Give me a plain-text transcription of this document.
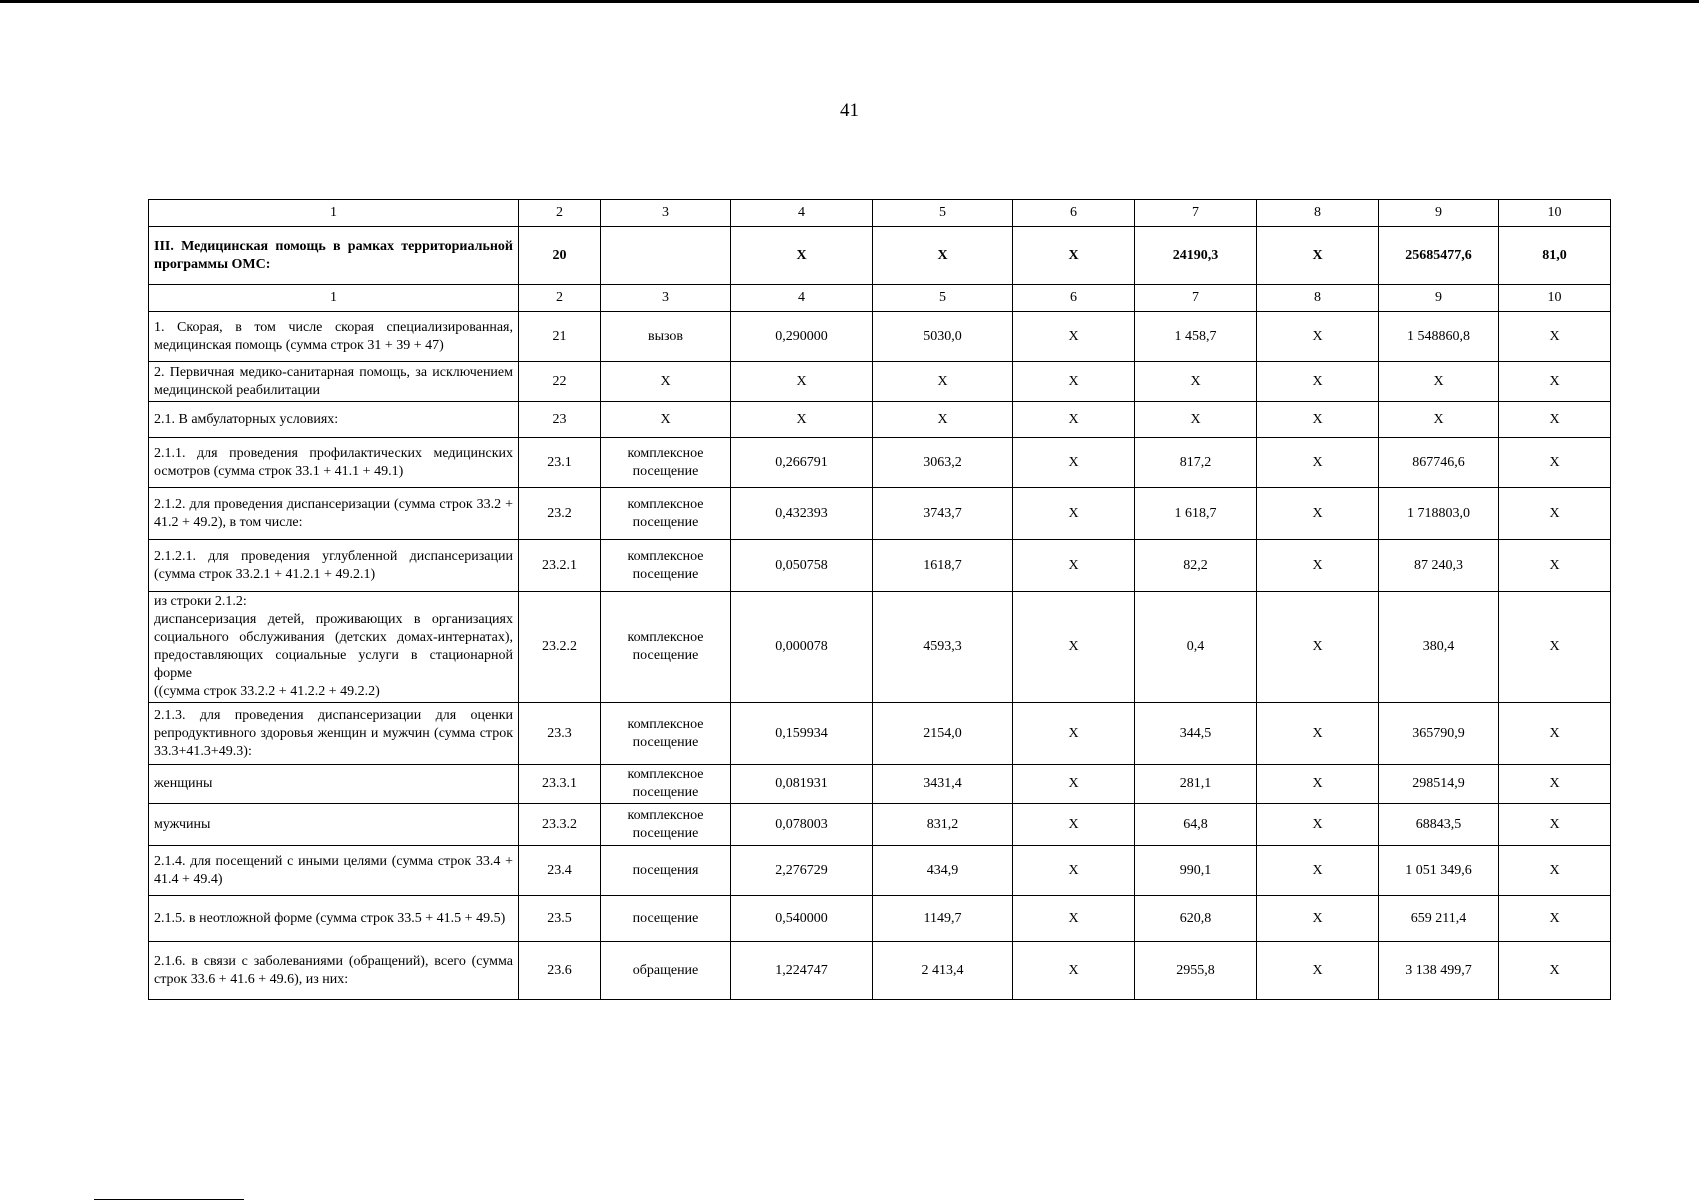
41
1	2	3	4	5	6	7	8	9	10
III. Медицинская помощь в рамках территориальной программы ОМС:	20		X	X	X	24190,3	X	25685477,6	81,0
1	2	3	4	5	6	7	8	9	10
1. Скорая, в том числе скорая специализированная, медицинская помощь (сумма строк 31 + 39 + 47)	21	вызов	0,290000	5030,0	X	1 458,7	X	1 548860,8	X
2. Первичная медико-санитарная помощь, за исключением медицинской реабилитации	22	X	X	X	X	X	X	X	X
2.1. В амбулаторных условиях:	23	X	X	X	X	X	X	X	X
2.1.1. для проведения профилактических медицинских осмотров (сумма строк 33.1 + 41.1 + 49.1)	23.1	комплексное посещение	0,266791	3063,2	X	817,2	X	867746,6	X
2.1.2. для проведения диспансеризации (сумма строк 33.2 + 41.2 + 49.2), в том числе:	23.2	комплексное посещение	0,432393	3743,7	X	1 618,7	X	1 718803,0	X
2.1.2.1. для проведения углубленной диспансеризации (сумма строк 33.2.1 + 41.2.1 + 49.2.1)	23.2.1	комплексное посещение	0,050758	1618,7	X	82,2	X	87 240,3	X
из строки 2.1.2:
диспансеризация детей, проживающих в организациях социального обслуживания (детских домах-интернатах), предоставляющих социальные услуги в стационарной форме
((сумма строк 33.2.2 + 41.2.2 + 49.2.2)	23.2.2	комплексное посещение	0,000078	4593,3	X	0,4	X	380,4	X
2.1.3. для проведения диспансеризации для оценки репродуктивного здоровья женщин и мужчин (сумма строк 33.3+41.3+49.3):	23.3	комплексное посещение	0,159934	2154,0	X	344,5	X	365790,9	X
женщины	23.3.1	комплексное посещение	0,081931	3431,4	X	281,1	X	298514,9	X
мужчины	23.3.2	комплексное посещение	0,078003	831,2	X	64,8	X	68843,5	X
2.1.4. для посещений с иными целями (сумма строк 33.4 + 41.4 + 49.4)	23.4	посещения	2,276729	434,9	X	990,1	X	1 051 349,6	X
2.1.5. в неотложной форме (сумма строк 33.5 + 41.5 + 49.5)	23.5	посещение	0,540000	1149,7	X	620,8	X	659 211,4	X
2.1.6. в связи с заболеваниями (обращений), всего (сумма строк 33.6 + 41.6 + 49.6), из них:	23.6	обращение	1,224747	2 413,4	X	2955,8	X	3 138 499,7	X
